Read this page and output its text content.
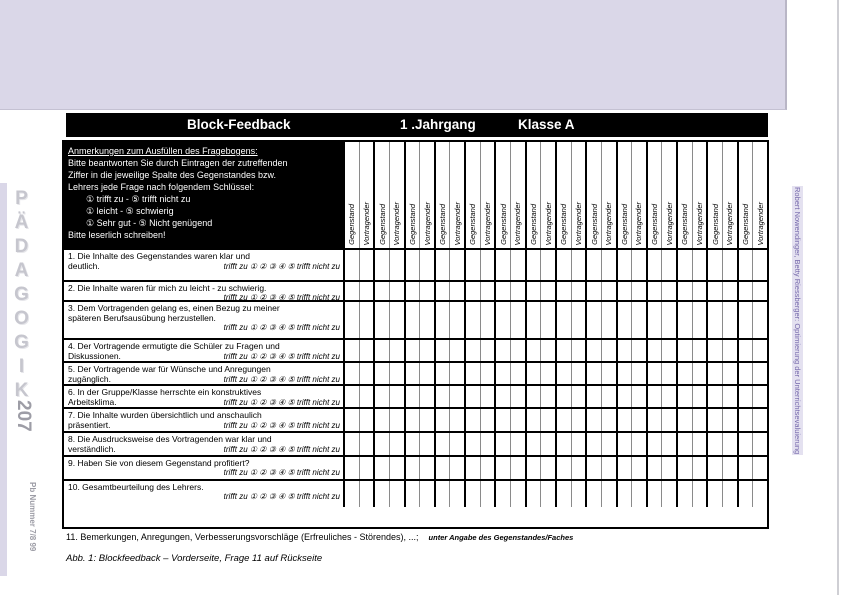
PÄDAGOGIK
207
Pb Nummer 7/8 99
Robert Nowendinger, Betty Riessberger: Optimierung der Unterrichtsevaluierung
Block-Feedback	1 .Jahrgang	Klasse A
Anmerkungen zum Ausfüllen des Fragebogens:
Bitte beantworten Sie durch Eintragen der zutreffenden
Ziffer in die jeweilige Spalte des Gegenstandes bzw.
Lehrers jede Frage nach folgendem Schlüssel:
① trifft zu - ⑤ trifft nicht zu
① leicht - ⑤ schwierig
① Sehr gut - ⑤ Nicht genügend
Bitte leserlich schreiben!	Gegenstand Vortragender Gegenstand Vortragender Gegenstand Vortragender Gegenstand Vortragender Gegenstand Vortragender Gegenstand Vortragender Gegenstand Vortragender Gegenstand Vortragender Gegenstand Vortragender Gegenstand Vortragender Gegenstand Vortragender Gegenstand Vortragender Gegenstand Vortragender Gegenstand Vortragender
1. Die Inhalte des Gegenstandes waren klar und
deutlich.	trifft zu ① ② ③ ④ ⑤ trifft nicht zu
2. Die Inhalte waren für mich zu leicht - zu schwierig.
trifft zu ① ② ③ ④ ⑤ trifft nicht zu
3. Dem Vortragenden gelang es, einen Bezug zu meiner
späteren Berufsausübung herzustellen.
trifft zu ① ② ③ ④ ⑤ trifft nicht zu
4. Der Vortragende ermutigte die Schüler zu Fragen und
Diskussionen.	trifft zu ① ② ③ ④ ⑤ trifft nicht zu
5. Der Vortragende war für Wünsche und Anregungen
zugänglich.	trifft zu ① ② ③ ④ ⑤ trifft nicht zu
6. In der Gruppe/Klasse herrschte ein konstruktives
Arbeitsklima.	trifft zu ① ② ③ ④ ⑤ trifft nicht zu
7. Die Inhalte wurden übersichtlich und anschaulich
präsentiert.	trifft zu ① ② ③ ④ ⑤ trifft nicht zu
8. Die Ausdrucksweise des Vortragenden war klar und
verständlich.	trifft zu ① ② ③ ④ ⑤ trifft nicht zu
9. Haben Sie von diesem Gegenstand profitiert?
trifft zu ① ② ③ ④ ⑤ trifft nicht zu
10. Gesamtbeurteilung des Lehrers.
trifft zu ① ② ③ ④ ⑤ trifft nicht zu
11. Bemerkungen, Anregungen, Verbesserungsvorschläge (Erfreuliches - Störendes), ...; unter Angabe des Gegenstandes/Faches
Abb. 1: Blockfeedback – Vorderseite, Frage 11 auf Rückseite
